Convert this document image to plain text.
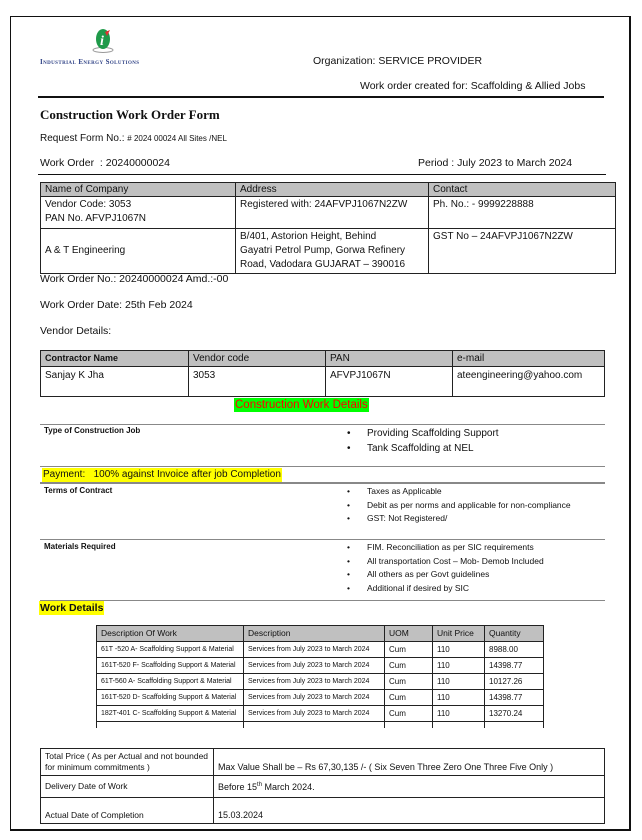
i
Industrial Energy Solutions	Organization: SERVICE PROVIDER
Work order created for: Scaffolding & Allied Jobs
Construction Work Order Form
Request Form No.: # 2024 00024 All Sites /NEL
Work Order  : 20240000024	Period : July 2023 to March 2024
Name of Company	Address	Contact

Vendor Code: 3053
PAN No. AFVPJ1067N	Registered with: 24AFVPJ1067N2ZW	Ph. No.: - 9999228888
A & T Engineering	B/401, Astorion Height, Behind
Gayatri Petrol Pump, Gorwa Refinery
Road, Vadodara GUJARAT – 390016	GST No – 24AFVPJ1067N2ZW
Work Order No.: 20240000024 Amd.:-00
Work Order Date: 25th Feb 2024
Vendor Details:
Contractor Name	Vendor code	PAN	e-mail
Sanjay K Jha	3053	AFVPJ1067N	ateengineering@yahoo.com
Construction Work Details
Type of Construction Job	• Providing Scaffolding Support
• Tank Scaffolding at NEL
Payment:   100% against Invoice after job Completion
Terms of Contract	• Taxes as Applicable
• Debit as per norms and applicable for non-compliance
• GST: Not Registered/
Materials Required	• FIM. Reconciliation as per SIC requirements
• All transportation Cost – Mob- Demob Included
• All others as per Govt guidelines
• Additional if desired by SIC
Work Details
Description Of Work	Description	UOM	Unit Price	Quantity
61T -520 A- Scaffolding Support & Material	Services from July 2023 to March 2024	Cum	110	8988.00
161T-520 F- Scaffolding Support & Material	Services from July 2023 to March 2024	Cum	110	14398.77
61T-560 A- Scaffolding Support & Material	Services from July 2023 to March 2024	Cum	110	10127.26
161T-520 D- Scaffolding Support & Material	Services from July 2023 to March 2024	Cum	110	14398.77
182T-401 C- Scaffolding Support & Material	Services from July 2023 to March 2024	Cum	110	13270.24

Total Price ( As per Actual and not bounded for minimum commitments )	Max Value Shall be – Rs 67,30,135 /- ( Six Seven Three Zero One Three Five Only )
Delivery Date of Work	Before 15th March 2024.
Actual Date of Completion	15.03.2024
